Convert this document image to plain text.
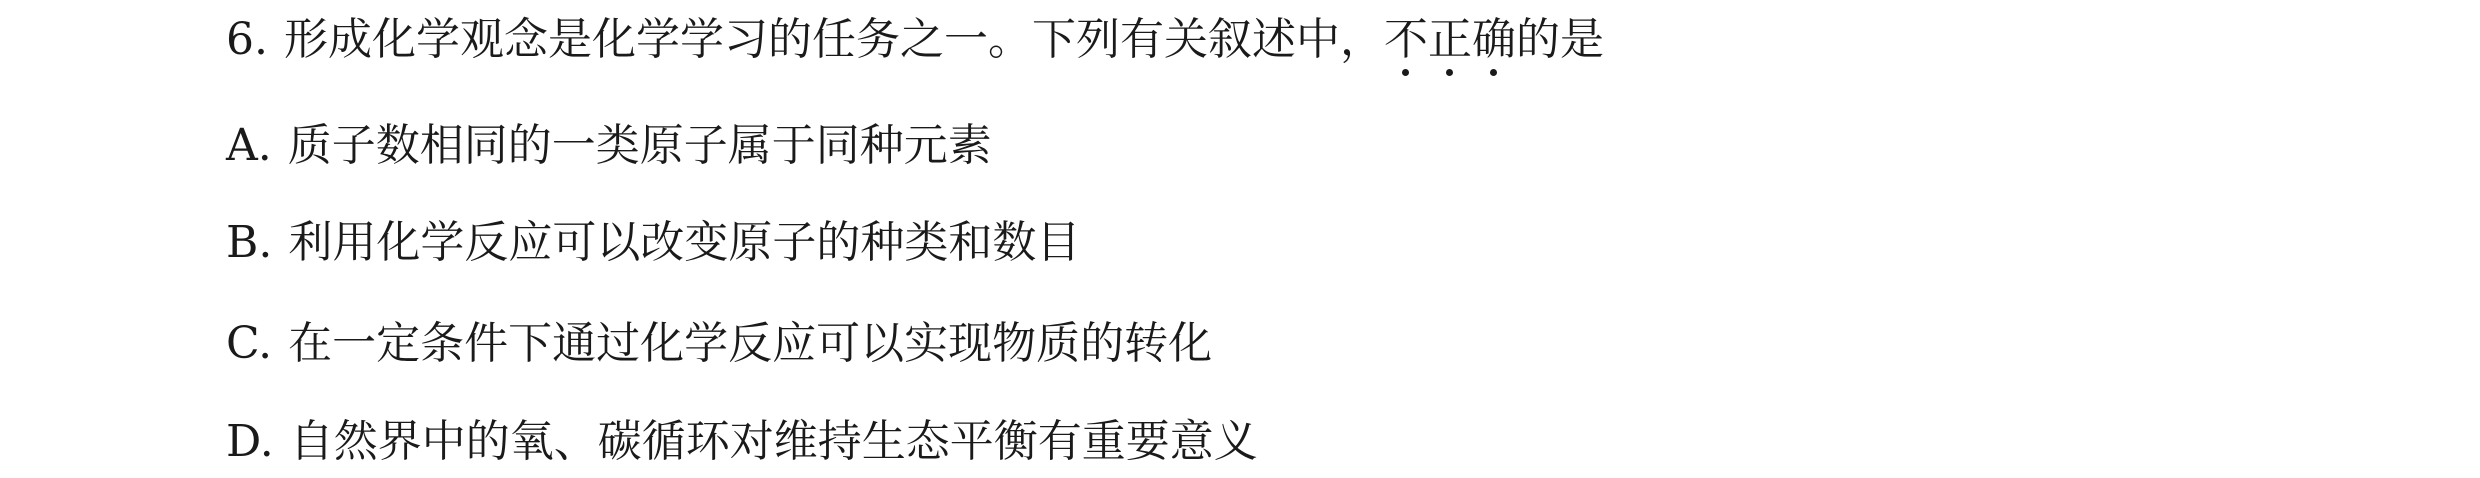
6. 形成化学观念是化学学习的任务之一。下列有关叙述中，不正确的是
A. 质子数相同的一类原子属于同种元素
B. 利用化学反应可以改变原子的种类和数目
C. 在一定条件下通过化学反应可以实现物质的转化
D. 自然界中的氧、碳循环对维持生态平衡有重要意义
